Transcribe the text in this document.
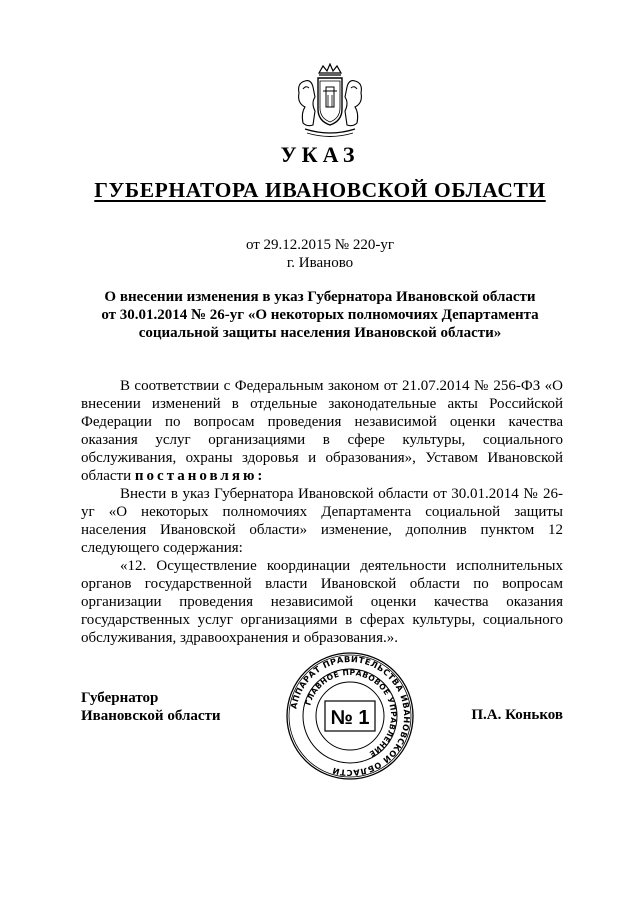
УКАЗ
ГУБЕРНАТОРА ИВАНОВСКОЙ ОБЛАСТИ
от 29.12.2015 № 220-уг
г. Иваново
О внесении изменения в указ Губернатора Ивановской области
от 30.01.2014 № 26-уг «О некоторых полномочиях Департамента
социальной защиты населения Ивановской области»

В соответствии с Федеральным законом от 21.07.2014 № 256-ФЗ «О внесении изменений в отдельные законодательные акты Российской Федерации по вопросам проведения независимой оценки качества оказания услуг организациями в сфере культуры, социального обслуживания, охраны здоровья и образования», Уставом Ивановской области постановляю:

Внести в указ Губернатора Ивановской области от 30.01.2014 № 26-уг «О некоторых полномочиях Департамента социальной защиты населения Ивановской области» изменение, дополнив пунктом 12 следующего содержания:

«12. Осуществление координации деятельности исполнительных органов государственной власти Ивановской области по вопросам организации проведения независимой оценки качества оказания государственных услуг организациями в сферах культуры, социального обслуживания, здравоохранения и образования.».

Губернатор
Ивановской области	П.А. Коньков
АППАРАТ ПРАВИТЕЛЬСТВА ИВАНОВСКОЙ ОБЛАСТИ
ГЛАВНОЕ ПРАВОВОЕ УПРАВЛЕНИЕ
№ 1
